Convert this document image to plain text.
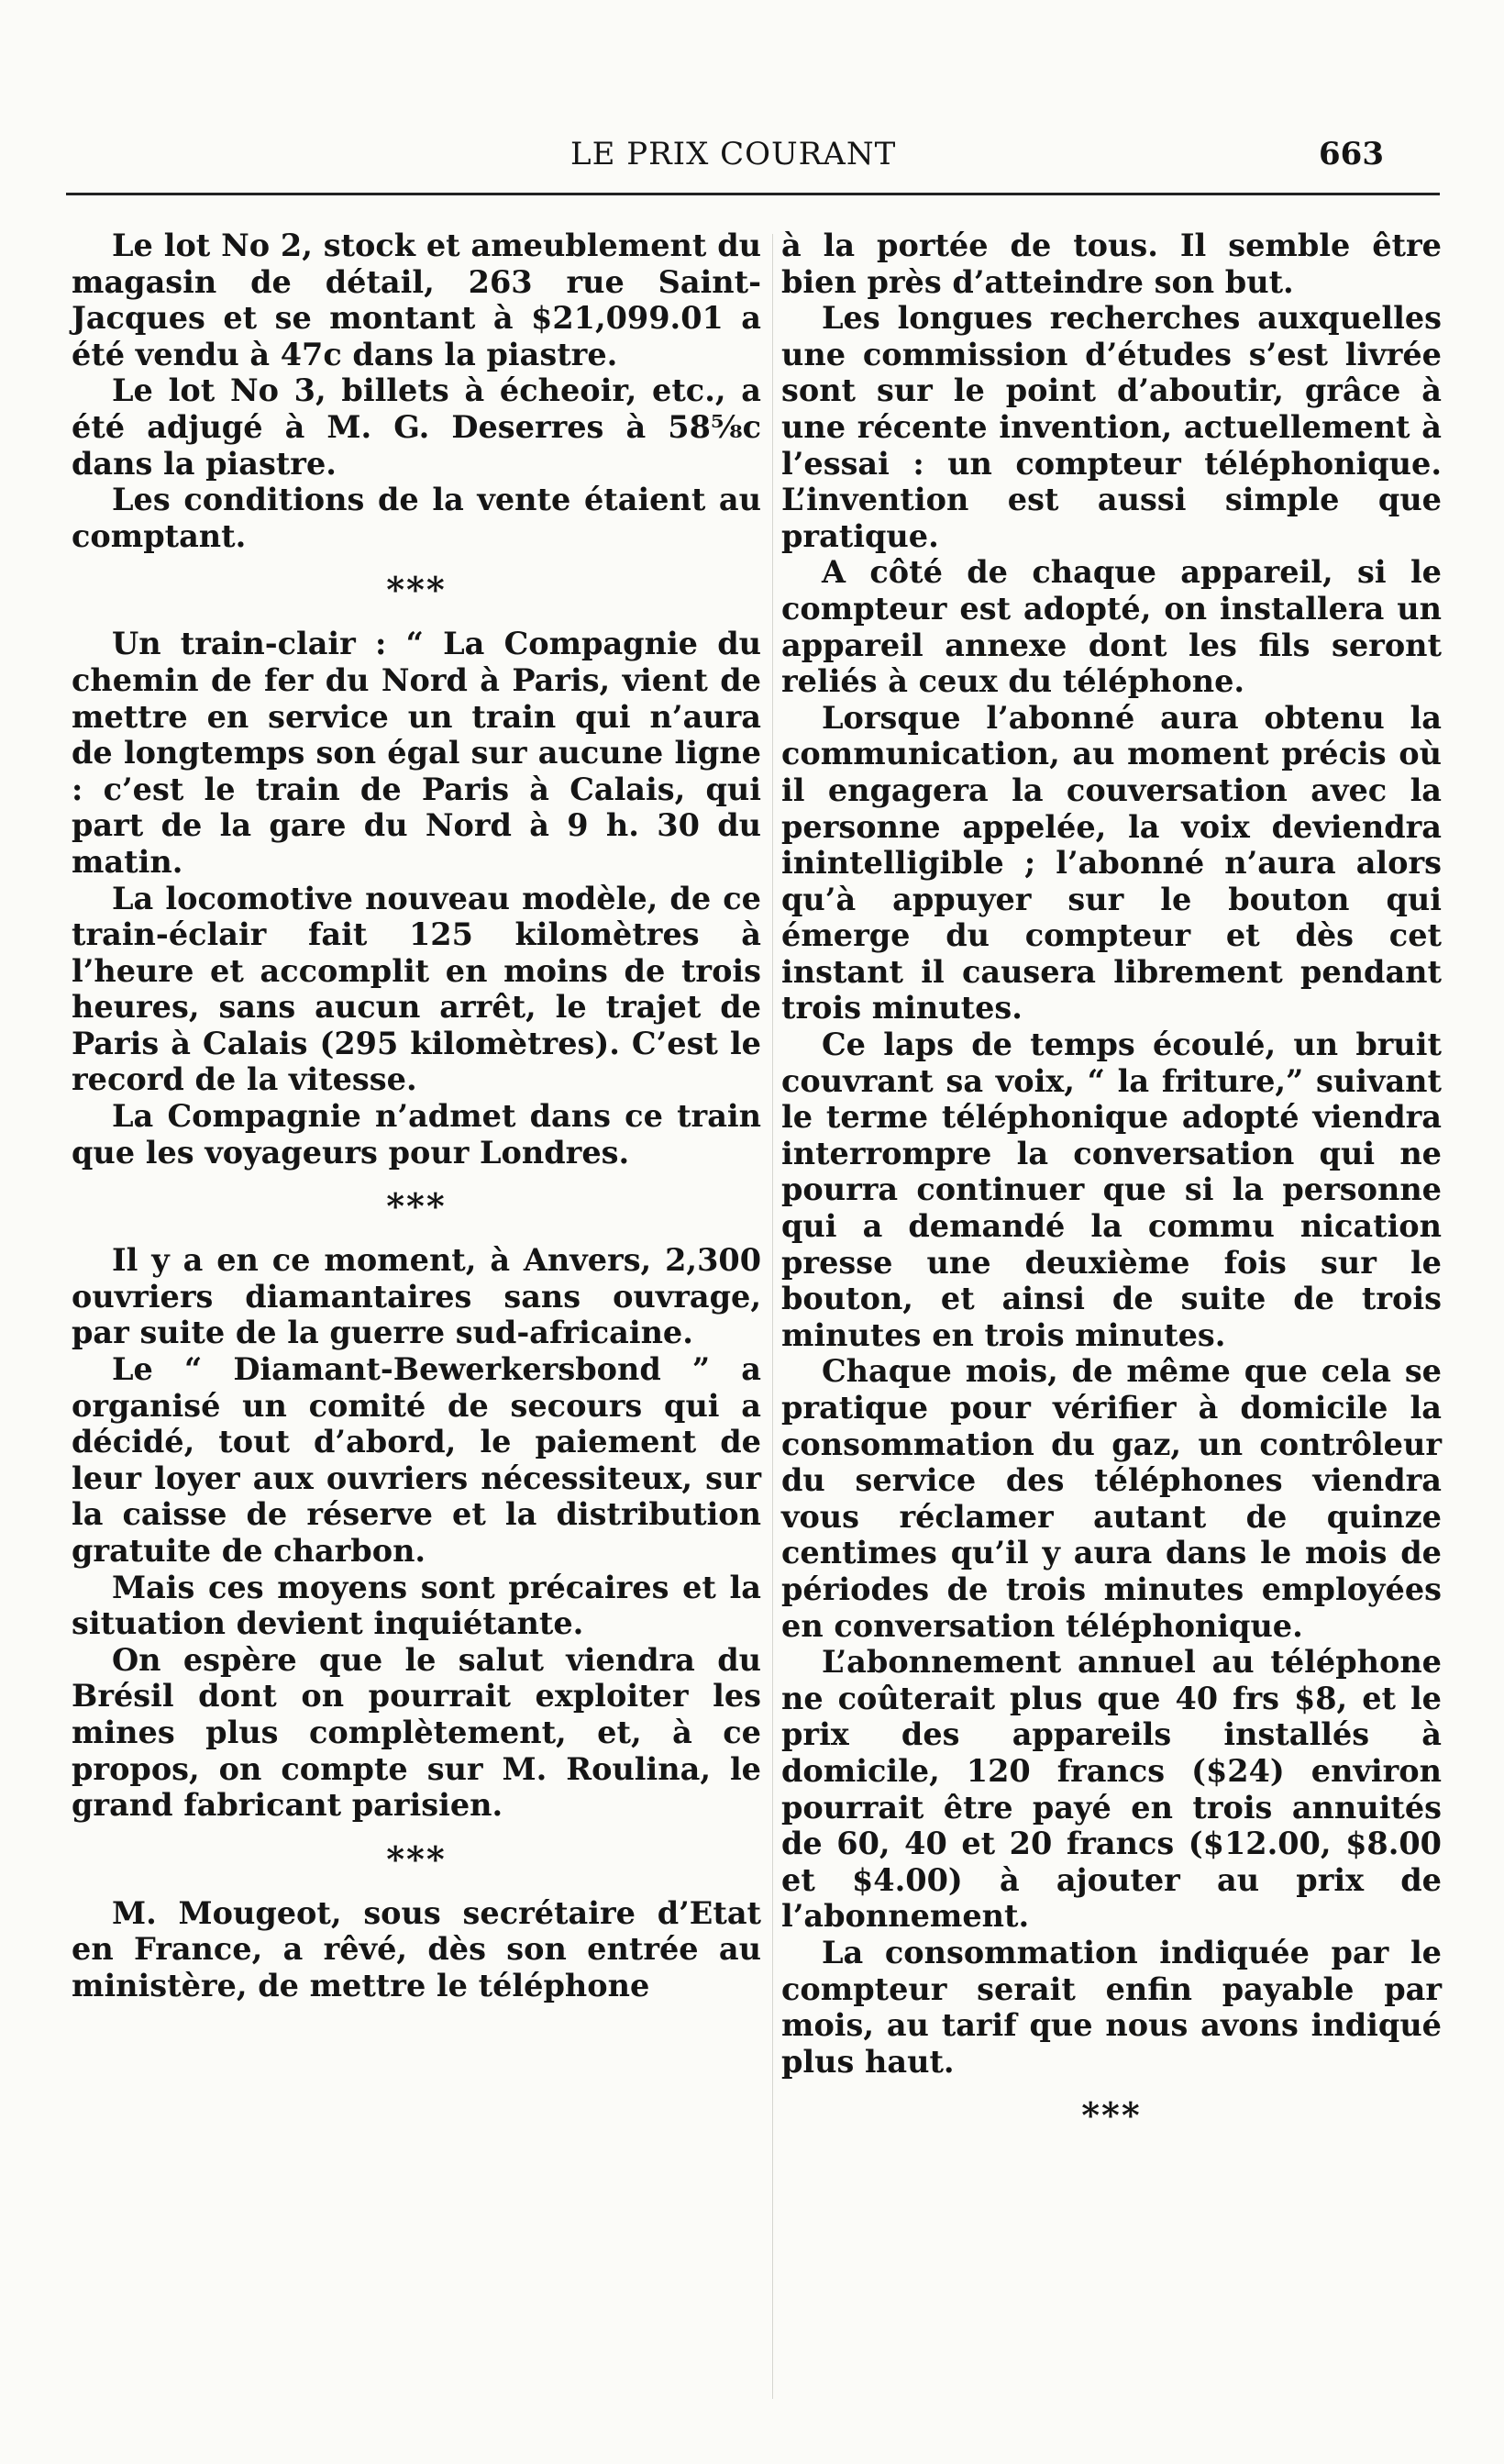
LE PRIX COURANT	663

Le lot No 2, stock et ameublement du magasin de détail, 263 rue Saint-Jacques et se montant à $21,099.01 a été vendu à 47c dans la piastre.

Le lot No 3, billets à écheoir, etc., a été adjugé à M. G. Deserres à 58⅝c dans la piastre.

Les conditions de la vente étaient au comptant.

***

Un train-clair : “ La Compagnie du chemin de fer du Nord à Paris, vient de mettre en service un train qui n’aura de longtemps son égal sur aucune ligne : c’est le train de Paris à Calais, qui part de la gare du Nord à 9 h. 30 du matin.

La locomotive nouveau modèle, de ce train-éclair fait 125 kilomètres à l’heure et accomplit en moins de trois heures, sans aucun arrêt, le trajet de Paris à Calais (295 kilomètres). C’est le record de la vitesse.

La Compagnie n’admet dans ce train que les voyageurs pour Londres.

***

Il y a en ce moment, à Anvers, 2,300 ouvriers diamantaires sans ouvrage, par suite de la guerre sud-africaine.

Le “ Diamant-Bewerkersbond ” a organisé un comité de secours qui a décidé, tout d’abord, le paiement de leur loyer aux ouvriers nécessiteux, sur la caisse de réserve et la distribution gratuite de charbon.

Mais ces moyens sont précaires et la situation devient inquiétante.

On espère que le salut viendra du Brésil dont on pourrait exploiter les mines plus complètement, et, à ce propos, on compte sur M. Roulina, le grand fabricant parisien.

***

M. Mougeot, sous secrétaire d’Etat en France, a rêvé, dès son entrée au ministère, de mettre le téléphone

à la portée de tous. Il semble être bien près d’atteindre son but.

Les longues recherches auxquelles une commission d’études s’est livrée sont sur le point d’aboutir, grâce à une récente invention, actuellement à l’essai : un compteur téléphonique. L’invention est aussi simple que pratique.

A côté de chaque appareil, si le compteur est adopté, on installera un appareil annexe dont les fils seront reliés à ceux du téléphone.

Lorsque l’abonné aura obtenu la communication, au moment précis où il engagera la couversation avec la personne appelée, la voix deviendra inintelligible ; l’abonné n’aura alors qu’à appuyer sur le bouton qui émerge du compteur et dès cet instant il causera librement pendant trois minutes.

Ce laps de temps écoulé, un bruit couvrant sa voix, “ la friture,” suivant le terme téléphonique adopté viendra interrompre la conversation qui ne pourra continuer que si la personne qui a demandé la commu nication presse une deuxième fois sur le bouton, et ainsi de suite de trois minutes en trois minutes.

Chaque mois, de même que cela se pratique pour vérifier à domicile la consommation du gaz, un contrôleur du service des téléphones viendra vous réclamer autant de quinze centimes qu’il y aura dans le mois de périodes de trois minutes employées en conversation téléphonique.

L’abonnement annuel au téléphone ne coûterait plus que 40 frs $8, et le prix des appareils installés à domicile, 120 francs ($24) environ pourrait être payé en trois annuités de 60, 40 et 20 francs ($12.00, $8.00 et $4.00) à ajouter au prix de l’abonnement.

La consommation indiquée par le compteur serait enfin payable par mois, au tarif que nous avons indiqué plus haut.

***
